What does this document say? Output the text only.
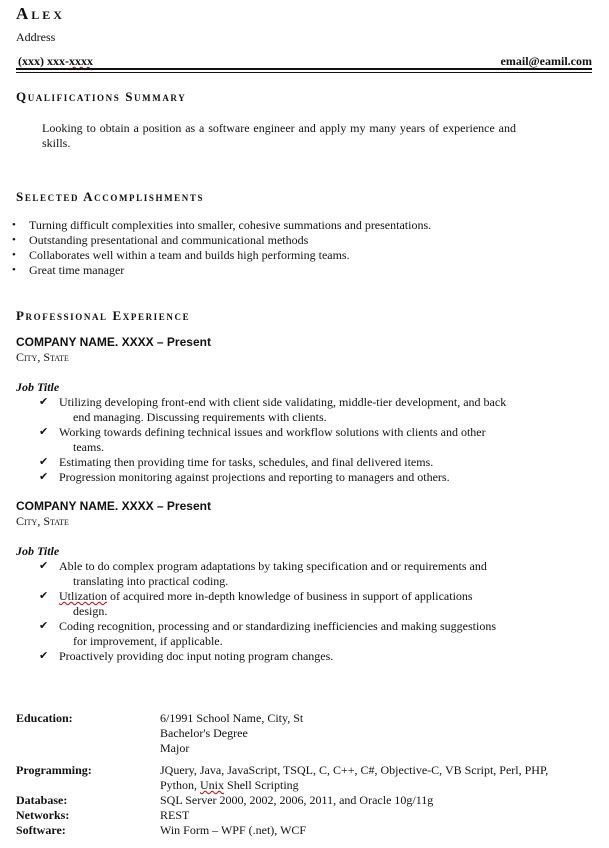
Alex
Address
(xxx) xxx-xxxx	email@eamil.com
Qualifications Summary
Looking to obtain a position as a software engineer and apply my many years of experience and skills.
Selected Accomplishments
• Turning difficult complexities into smaller, cohesive summations and presentations.
• Outstanding presentational and communicational methods
• Collaborates well within a team and builds high performing teams.
• Great time manager
Professional Experience
COMPANY NAME. XXXX – Present
City, State
Job Title
✔ Utilizing developing front-end with client side validating, middle-tier development, and back
end managing. Discussing requirements with clients.
✔ Working towards defining technical issues and workflow solutions with clients and other
teams.
✔ Estimating then providing time for tasks, schedules, and final delivered items.
✔ Progression monitoring against projections and reporting to managers and others.
COMPANY NAME. XXXX – Present
City, State
Job Title
✔ Able to do complex program adaptations by taking specification and or requirements and
translating into practical coding.
✔ Utlization of acquired more in-depth knowledge of business in support of applications
design.
✔ Coding recognition, processing and or standardizing inefficiencies and making suggestions
for improvement, if applicable.
✔ Proactively providing doc input noting program changes.
Education:	6/1991 School Name, City, St
Bachelor's Degree
Major
Programming:	JQuery, Java, JavaScript, TSQL, C, C++, C#, Objective-C, VB Script, Perl, PHP,
Python, Unix Shell Scripting
Database:	SQL Server 2000, 2002, 2006, 2011, and Oracle 10g/11g
Networks:	REST
Software:	Win Form – WPF (.net), WCF
